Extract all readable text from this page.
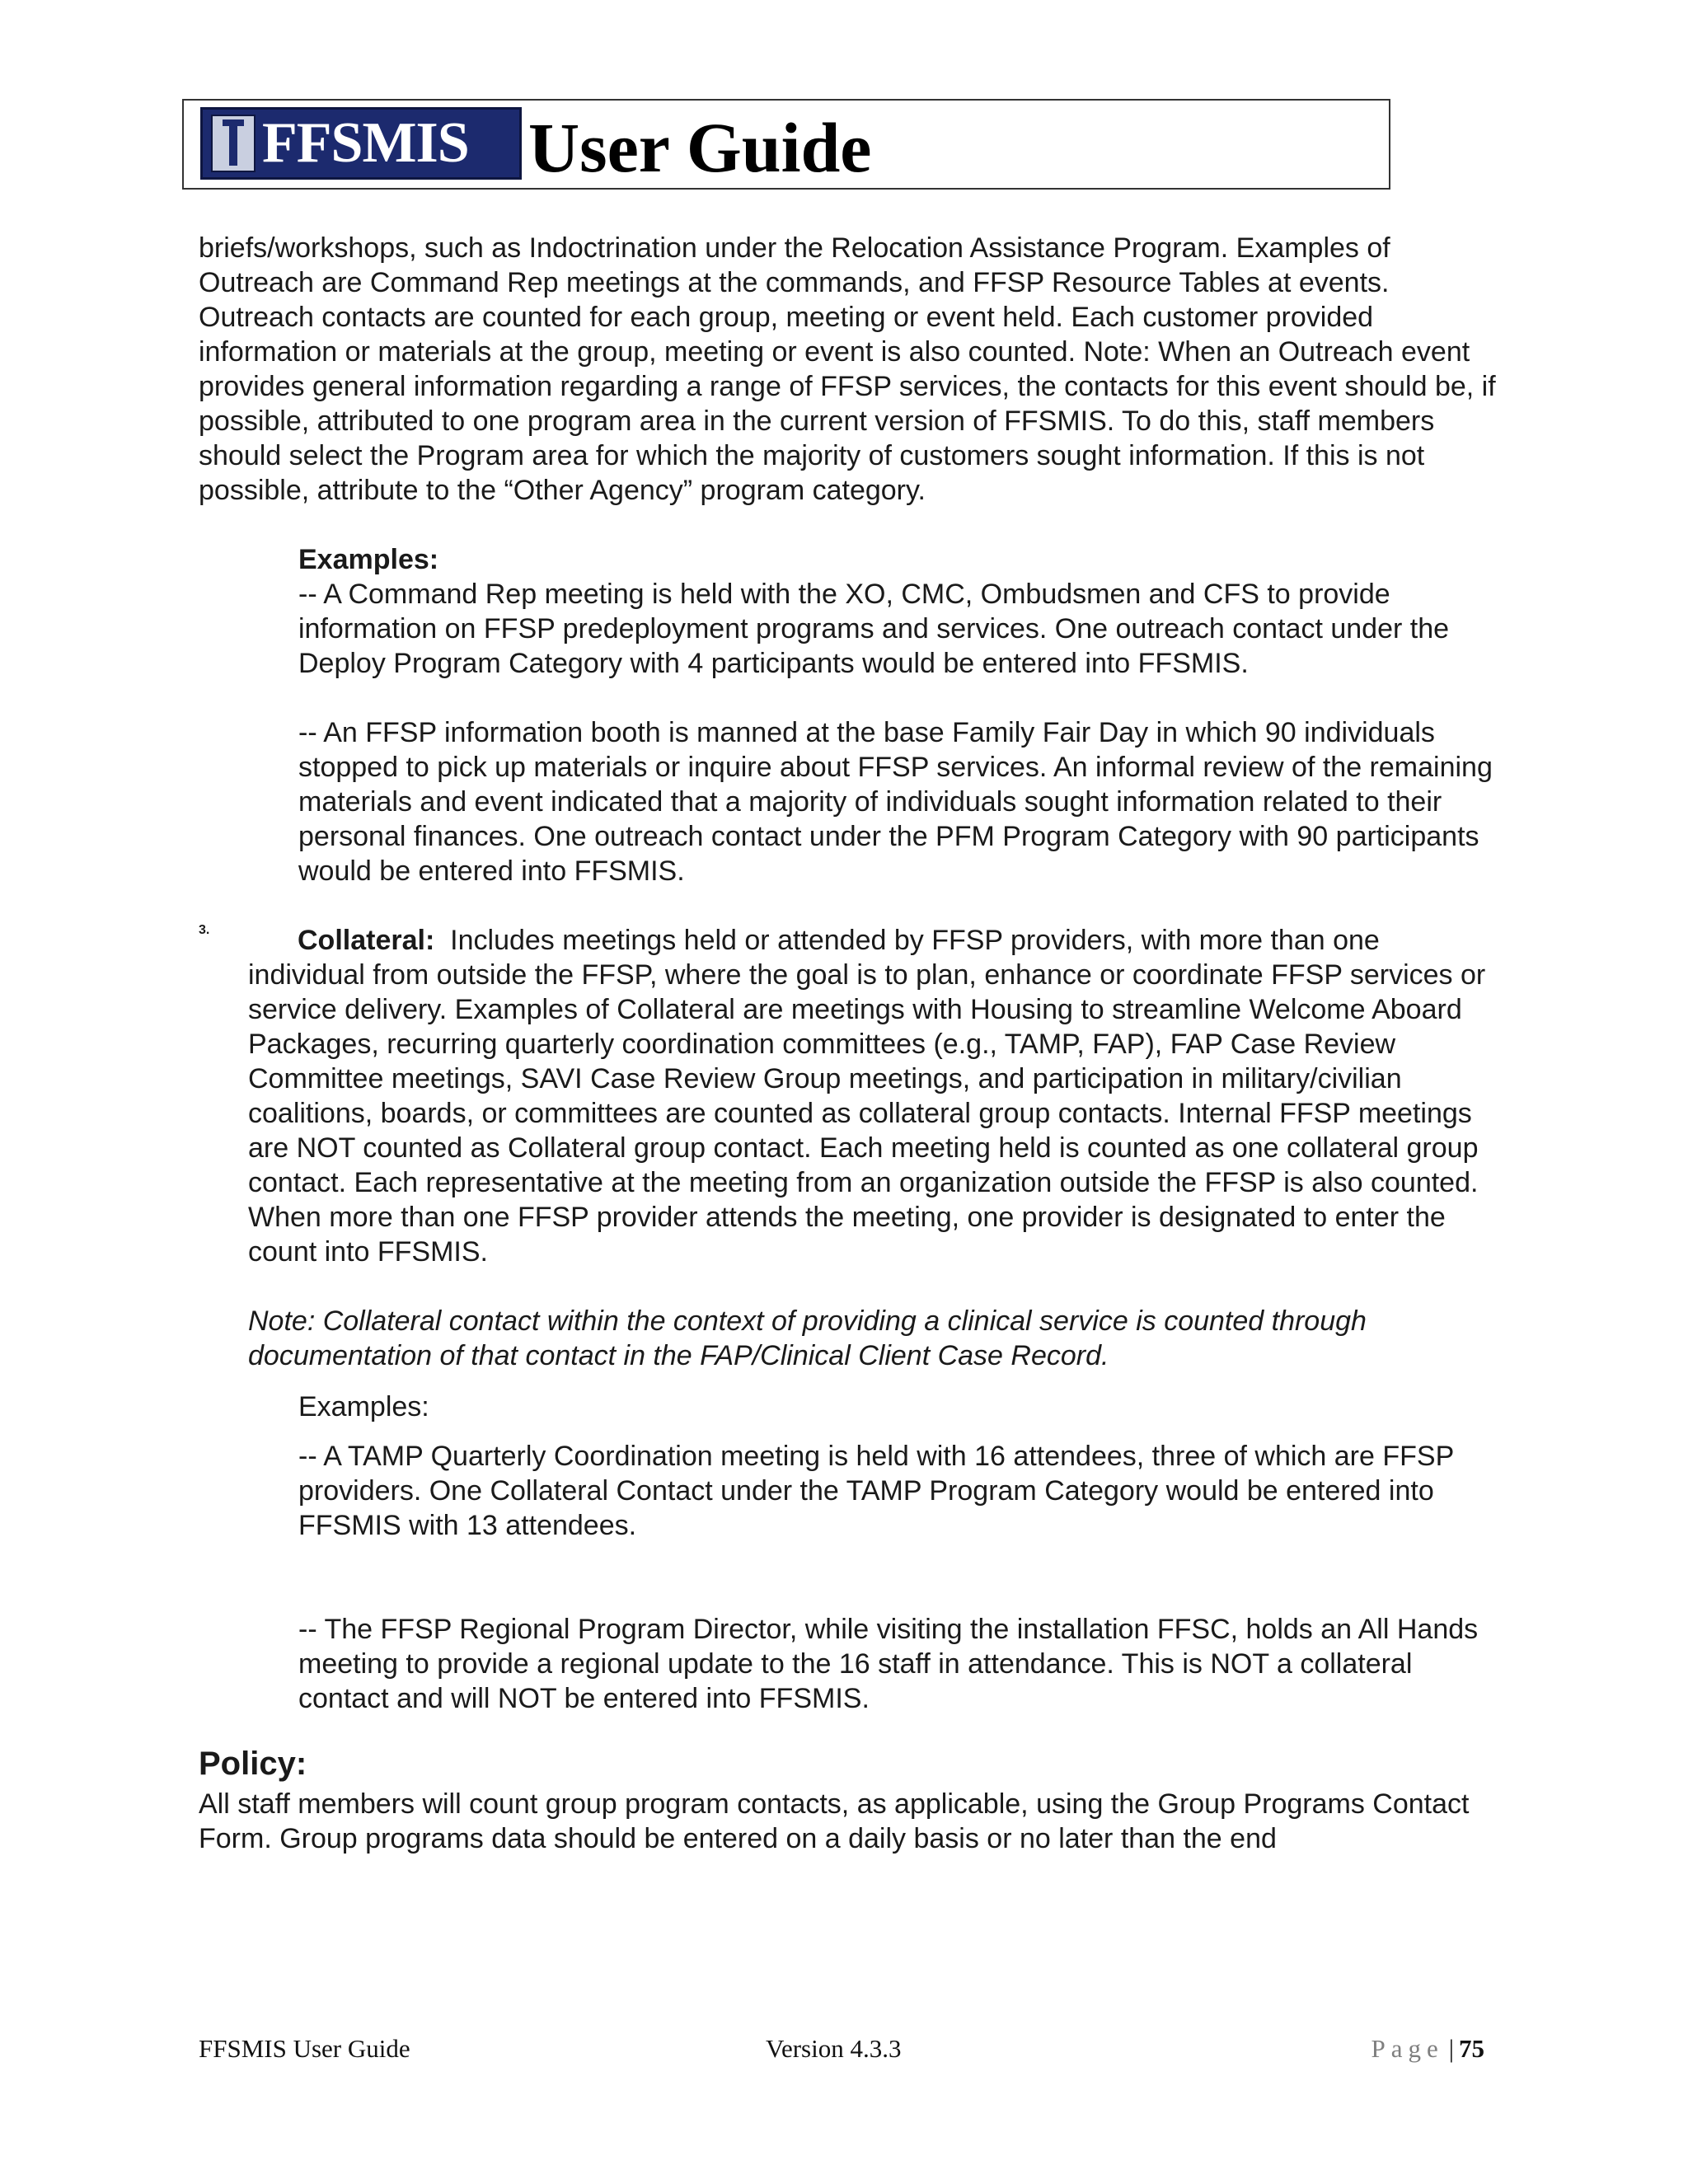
FFSMIS User Guide

briefs/workshops, such as Indoctrination under the Relocation Assistance Program. Examples of Outreach are Command Rep meetings at the commands, and FFSP Resource Tables at events. Outreach contacts are counted for each group, meeting or event held. Each customer provided information or materials at the group, meeting or event is also counted. Note: When an Outreach event provides general information regarding a range of FFSP services, the contacts for this event should be, if possible, attributed to one program area in the current version of FFSMIS. To do this, staff members should select the Program area for which the majority of customers sought information. If this is not possible, attribute to the “Other Agency” program category.

Examples:

-- A Command Rep meeting is held with the XO, CMC, Ombudsmen and CFS to provide information on FFSP predeployment programs and services. One outreach contact under the Deploy Program Category with 4 participants would be entered into FFSMIS.

-- An FFSP information booth is manned at the base Family Fair Day in which 90 individuals stopped to pick up materials or inquire about FFSP services. An informal review of the remaining materials and event indicated that a majority of individuals sought information related to their personal finances. One outreach contact under the PFM Program Category with 90 participants would be entered into FFSMIS.

3.	Collateral: Includes meetings held or attended by FFSP providers, with more than one individual from outside the FFSP, where the goal is to plan, enhance or coordinate FFSP services or service delivery. Examples of Collateral are meetings with Housing to streamline Welcome Aboard Packages, recurring quarterly coordination committees (e.g., TAMP, FAP), FAP Case Review Committee meetings, SAVI Case Review Group meetings, and participation in military/civilian coalitions, boards, or committees are counted as collateral group contacts. Internal FFSP meetings are NOT counted as Collateral group contact. Each meeting held is counted as one collateral group contact. Each representative at the meeting from an organization outside the FFSP is also counted. When more than one FFSP provider attends the meeting, one provider is designated to enter the count into FFSMIS.

Note: Collateral contact within the context of providing a clinical service is counted through documentation of that contact in the FAP/Clinical Client Case Record.

Examples:

-- A TAMP Quarterly Coordination meeting is held with 16 attendees, three of which are FFSP providers. One Collateral Contact under the TAMP Program Category would be entered into FFSMIS with 13 attendees.

-- The FFSP Regional Program Director, while visiting the installation FFSC, holds an All Hands meeting to provide a regional update to the 16 staff in attendance. This is NOT a collateral contact and will NOT be entered into FFSMIS.

Policy:

All staff members will count group program contacts, as applicable, using the Group Programs Contact Form. Group programs data should be entered on a daily basis or no later than the end

FFSMIS User Guide	Version 4.3.3	Page | 75
